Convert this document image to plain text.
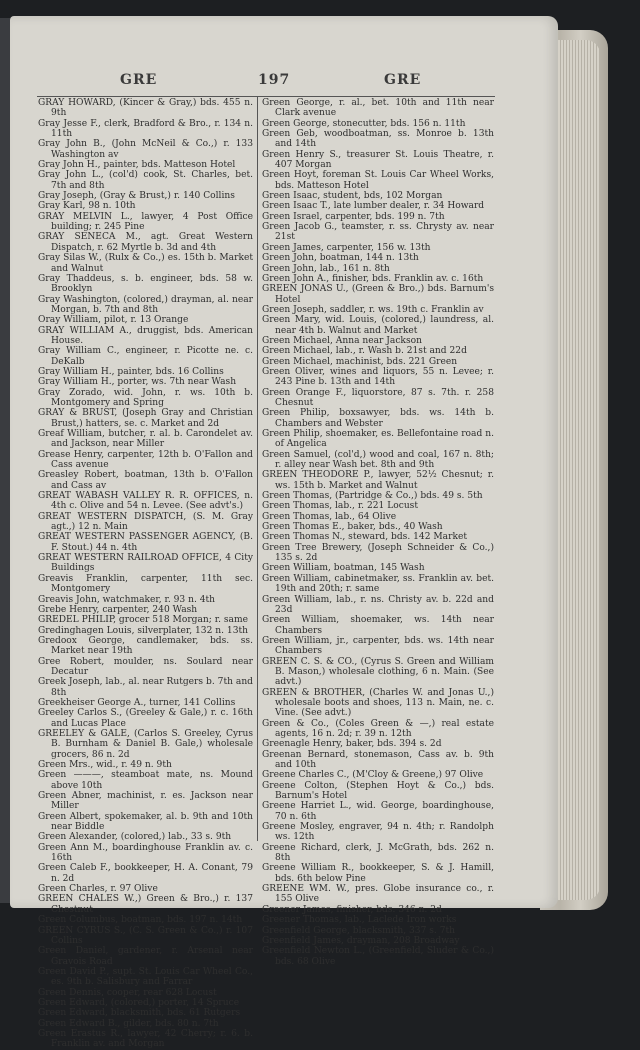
GRE	197	GRE
GRAY HOWARD, (Kincer & Gray,) bds. 455 n. 9th
Gray Jesse F., clerk, Bradford & Bro., r. 134 n. 11th
Gray John B., (John McNeil & Co.,) r. 133 Washington av
Gray John H., painter, bds. Matteson Hotel
Gray John L., (col'd) cook, St. Charles, bet. 7th and 8th
Gray Joseph, (Gray & Brust,) r. 140 Collins
Gray Karl, 98 n. 10th
GRAY MELVIN L., lawyer, 4 Post Office building; r. 245 Pine
GRAY SENECA M., agt. Great Western Dispatch, r. 62 Myrtle b. 3d and 4th
Gray Silas W., (Rulx & Co.,) es. 15th b. Market and Walnut
Gray Thaddeus, s. b. engineer, bds. 58 w. Brooklyn
Gray Washington, (colored,) drayman, al. near Morgan, b. 7th and 8th
Oray William, pilot, r. 13 Orange
GRAY WILLIAM A., druggist, bds. American House.
Gray William C., engineer, r. Picotte ne. c. DeKalb
Gray William H., painter, bds. 16 Collins
Gray William H., porter, ws. 7th near Wash
Gray Zorado, wid. John, r. ws. 10th b. Montgomery and Spring
GRAY & BRUST, (Joseph Gray and Christian Brust,) hatters, se. c. Market and 2d
Greaf William, butcher, r. al. b. Carondelet av. and Jackson, near Miller
Grease Henry, carpenter, 12th b. O'Fallon and Cass avenue
Greasley Robert, boatman, 13th b. O'Fallon and Cass av
GREAT WABASH VALLEY R. R. OFFICES, n. 4th c. Olive and 54 n. Levee. (See advt's.)
GREAT WESTERN DISPATCH, (S. M. Gray agt.,) 12 n. Main
GREAT WESTERN PASSENGER AGENCY, (B. F. Stout.) 44 n. 4th
GREAT WESTERN RAILROAD OFFICE, 4 City Buildings
Greavis Franklin, carpenter, 11th sec. Montgomery
Greavis John, watchmaker, r. 93 n. 4th
Grebe Henry, carpenter, 240 Wash
GREDEL PHILIP, grocer 518 Morgan; r. same
Gredinghagen Louis, silverplater, 132 n. 13th
Gredoox George, candlemaker, bds. ss. Market near 19th
Gree Robert, moulder, ns. Soulard near Decatur
Greek Joseph, lab., al. near Rutgers b. 7th and 8th
Greekheiser George A., turner, 141 Collins
Greeley Carlos S., (Greeley & Gale,) r. c. 16th and Lucas Place
GREELEY & GALE, (Carlos S. Greeley, Cyrus B. Burnham & Daniel B. Gale,) wholesale grocers, 86 n. 2d
Green Mrs., wid., r. 49 n. 9th
Green ———, steamboat mate, ns. Mound above 10th
Green Abner, machinist, r. es. Jackson near Miller
Green Albert, spokemaker, al. b. 9th and 10th near Biddle
Green Alexander, (colored,) lab., 33 s. 9th
Green Ann M., boardinghouse Franklin av. c. 16th
Green Caleb F., bookkeeper, H. A. Conant, 79 n. 2d
Green Charles, r. 97 Olive
GREEN CHALES W.,) Green & Bro.,) r. 137 Chestnut
Green Columbus, boatman, bds. 197 n. 14th
GREEN CYRUS S., (C. S. Green & Co.,) r. 107 Collins
Green Daniel, gardener, r. Arsenal near Gravois Road
Green David P., supt. St. Louis Car Wheel Co., es. 9th b. Salisbury and Farrar
Green Dennis, cooper, rear 628 Locust
Green Edward, (colored,) porter, 14 Spruce
Green Edward, blacksmith, bds. 61 Rutgers
Green Edward B., gilder, bds. 80 n. 7th
Green Erastus R., lawyer, 42 Cherry; r. 6. b. Franklin av. and Morgan
Green George, r. al., bet. 10th and 11th near Clark avenue
Green George, stonecutter, bds. 156 n. 11th
Green Geb, woodboatman, ss. Monroe b. 13th and 14th
Green Henry S., treasurer St. Louis Theatre, r. 407 Morgan
Green Hoyt, foreman St. Louis Car Wheel Works, bds. Matteson Hotel
Green Isaac, student, bds, 102 Morgan
Green Isaac T., late lumber dealer, r. 34 Howard
Green Israel, carpenter, bds. 199 n. 7th
Green Jacob G., teamster, r. ss. Chrysty av. near 21st
Green James, carpenter, 156 w. 13th
Green John, boatman, 144 n. 13th
Green John, lab., 161 n. 8th
Green John A., finisher, bds. Franklin av. c. 16th
GREEN JONAS U., (Green & Bro.,) bds. Barnum's Hotel
Green Joseph, saddler, r. ws. 19th c. Franklin av
Green Mary, wid. Louis, (colored,) laundress, al. near 4th b. Walnut and Market
Green Michael, Anna near Jackson
Green Michael, lab., r. Wash b. 21st and 22d
Green Michael, machinist, bds. 221 Green
Green Oliver, wines and liquors, 55 n. Levee; r. 243 Pine b. 13th and 14th
Green Orange F., liquorstore, 87 s. 7th. r. 258 Chesnut
Green Philip, boxsawyer, bds. ws. 14th b. Chambers and Webster
Green Philip, shoemaker, es. Bellefontaine road n. of Angelica
Green Samuel, (col'd,) wood and coal, 167 n. 8th; r. alley near Wash bet. 8th and 9th
GREEN THEODORE P., lawyer, 52½ Chesnut; r. ws. 15th b. Market and Walnut
Green Thomas, (Partridge & Co.,) bds. 49 s. 5th
Green Thomas, lab., r. 221 Locust
Green Thomas, lab., 64 Olive
Green Thomas E., baker, bds., 40 Wash
Green Thomas N., steward, bds. 142 Market
Green Tree Brewery, (Joseph Schneider & Co.,) 135 s. 2d
Green William, boatman, 145 Wash
Green William, cabinetmaker, ss. Franklin av. bet. 19th and 20th; r. same
Green William, lab., r. ns. Christy av. b. 22d and 23d
Green William, shoemaker, ws. 14th near Chambers
Green William, jr., carpenter, bds. ws. 14th near Chambers
GREEN C. S. & CO., (Cyrus S. Green and William B. Mason,) wholesale clothing, 6 n. Main. (See advt.)
GREEN & BROTHER, (Charles W. and Jonas U.,) wholesale boots and shoes, 113 n. Main, ne. c. Vine. (See advt.)
Green & Co., (Coles Green & —,) real estate agents, 16 n. 2d; r. 39 n. 12th
Greenagle Henry, baker, bds. 394 s. 2d
Greenan Bernard, stonemason, Cass av. b. 9th and 10th
Greene Charles C., (M'Cloy & Greene,) 97 Olive
Greene Colton, (Stephen Hoyt & Co.,) bds. Barnum's Hotel
Greene Harriet L., wid. George, boardinghouse, 70 n. 6th
Greene Mosley, engraver, 94 n. 4th; r. Randolph ws. 12th
Greene Richard, clerk, J. McGrath, bds. 262 n. 8th
Greene William R., bookkeeper, S. & J. Hamill, bds. 6th below Pine
GREENE WM. W., pres. Globe insurance co., r. 155 Olive
Greener James, finisher, bds. 346 n. 2d
Greener Thomas, lab., Laclede Iron works
Greenfield George, blacksmith, 337 s. 7th
Greenfield James, drayman, 208 Broadway
Greenfield Newton L., (Greenfield, Sluder & Co.,) bds. 68 Olive
